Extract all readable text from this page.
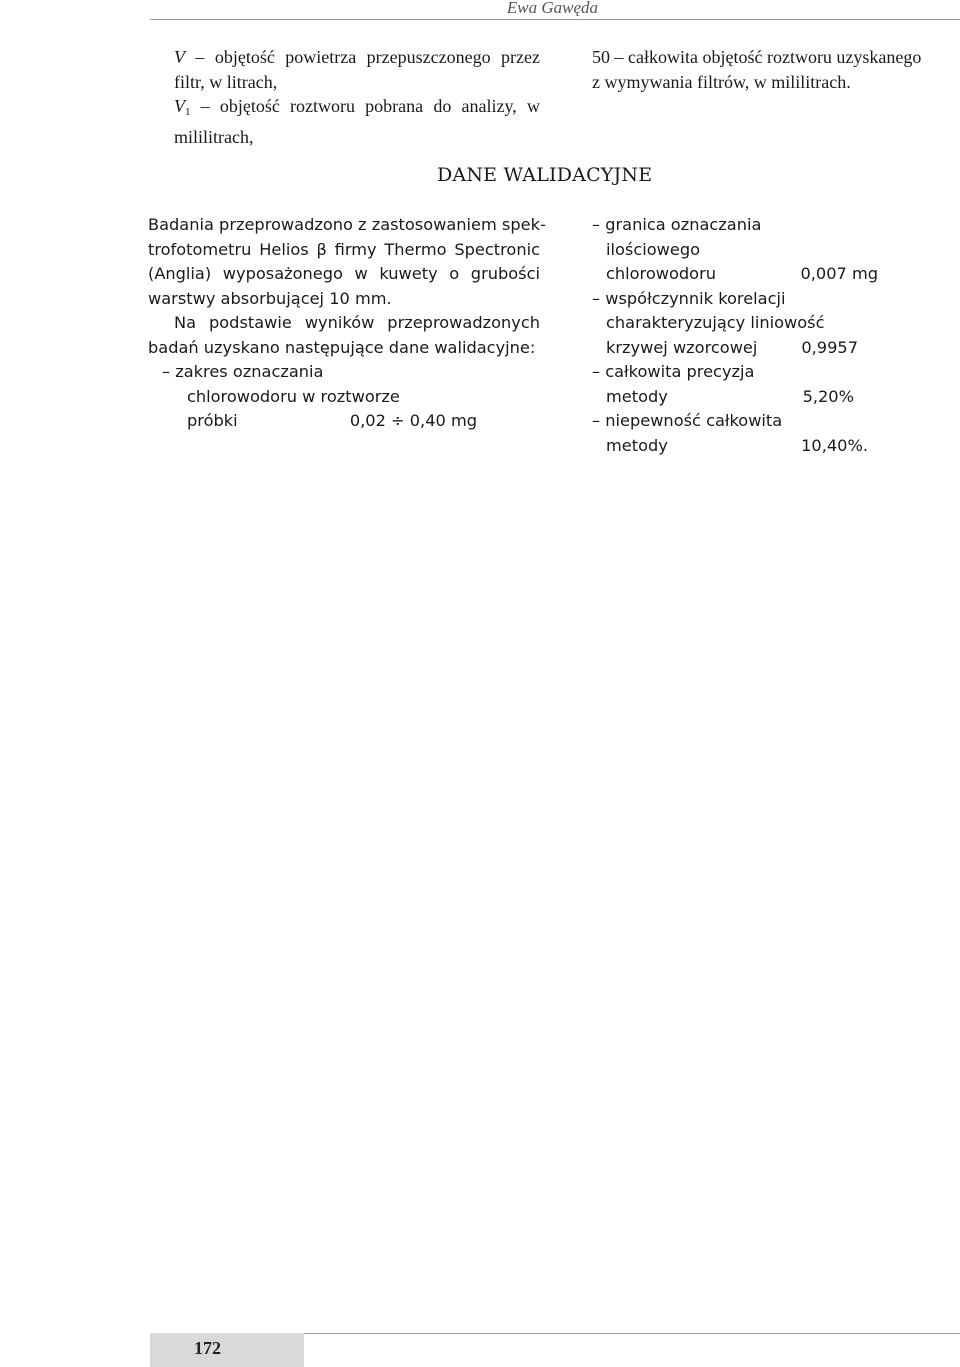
Ewa Gawęda
V – objętość powietrza przepuszczonego przez
filtr, w litrach,
$V_1$ – objętość roztworu pobrana do analizy, w
mililitrach,
50 – całkowita objętość roztworu uzyskanego
z wymywania filtrów, w mililitrach.
DANE WALIDACYJNE
Badania przeprowadzono z zastosowaniem spek-
trofotometru Helios β firmy Thermo Spectronic
(Anglia) wyposażonego w kuwety o grubości
warstwy absorbującej 10 mm.
Na podstawie wyników przeprowadzonych
badań uzyskano następujące dane walidacyjne:
– zakres oznaczania
chlorowodoru w roztworze
próbki	0,02 ÷ 0,40 mg
– granica oznaczania
ilościowego
chlorowodoru	0,007 mg
– współczynnik korelacji
charakteryzujący liniowość
krzywej wzorcowej	0,9957
– całkowita precyzja
metody	5,20%
– niepewność całkowita
metody	10,40%.
172
